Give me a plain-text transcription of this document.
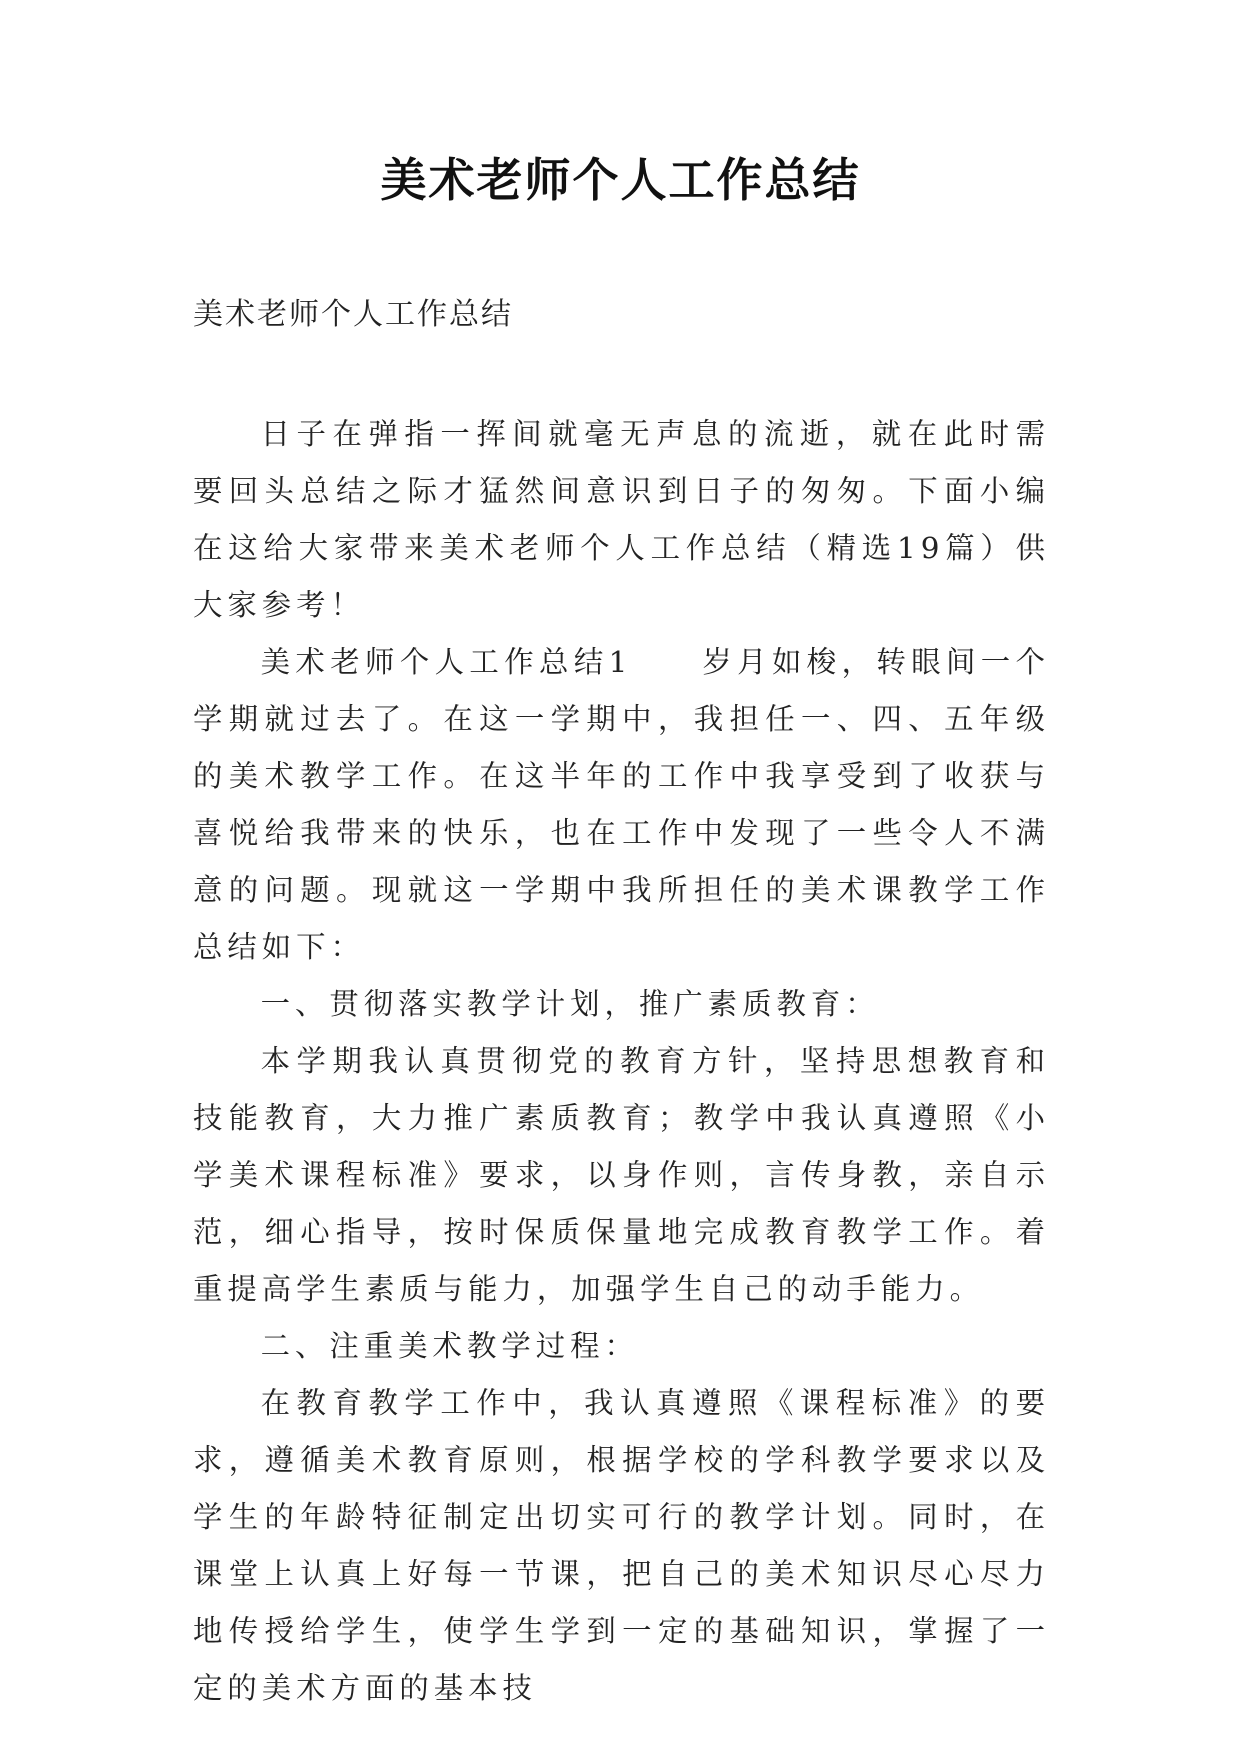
美术老师个人工作总结
美术老师个人工作总结

日子在弹指一挥间就毫无声息的流逝，就在此时需要回头总结之际才猛然间意识到日子的匆匆。下面小编在这给大家带来美术老师个人工作总结（精选19篇）供大家参考！

美术老师个人工作总结1　　岁月如梭，转眼间一个学期就过去了。在这一学期中，我担任一、四、五年级的美术教学工作。在这半年的工作中我享受到了收获与喜悦给我带来的快乐，也在工作中发现了一些令人不满意的问题。现就这一学期中我所担任的美术课教学工作总结如下：

一、贯彻落实教学计划，推广素质教育：

本学期我认真贯彻党的教育方针，坚持思想教育和技能教育，大力推广素质教育；教学中我认真遵照《小学美术课程标准》要求，以身作则，言传身教，亲自示范，细心指导，按时保质保量地完成教育教学工作。着重提高学生素质与能力，加强学生自己的动手能力。

二、注重美术教学过程：

在教育教学工作中，我认真遵照《课程标准》的要求，遵循美术教育原则，根据学校的学科教学要求以及学生的年龄特征制定出切实可行的教学计划。同时，在课堂上认真上好每一节课，把自己的美术知识尽心尽力地传授给学生，使学生学到一定的基础知识，掌握了一定的美术方面的基本技
